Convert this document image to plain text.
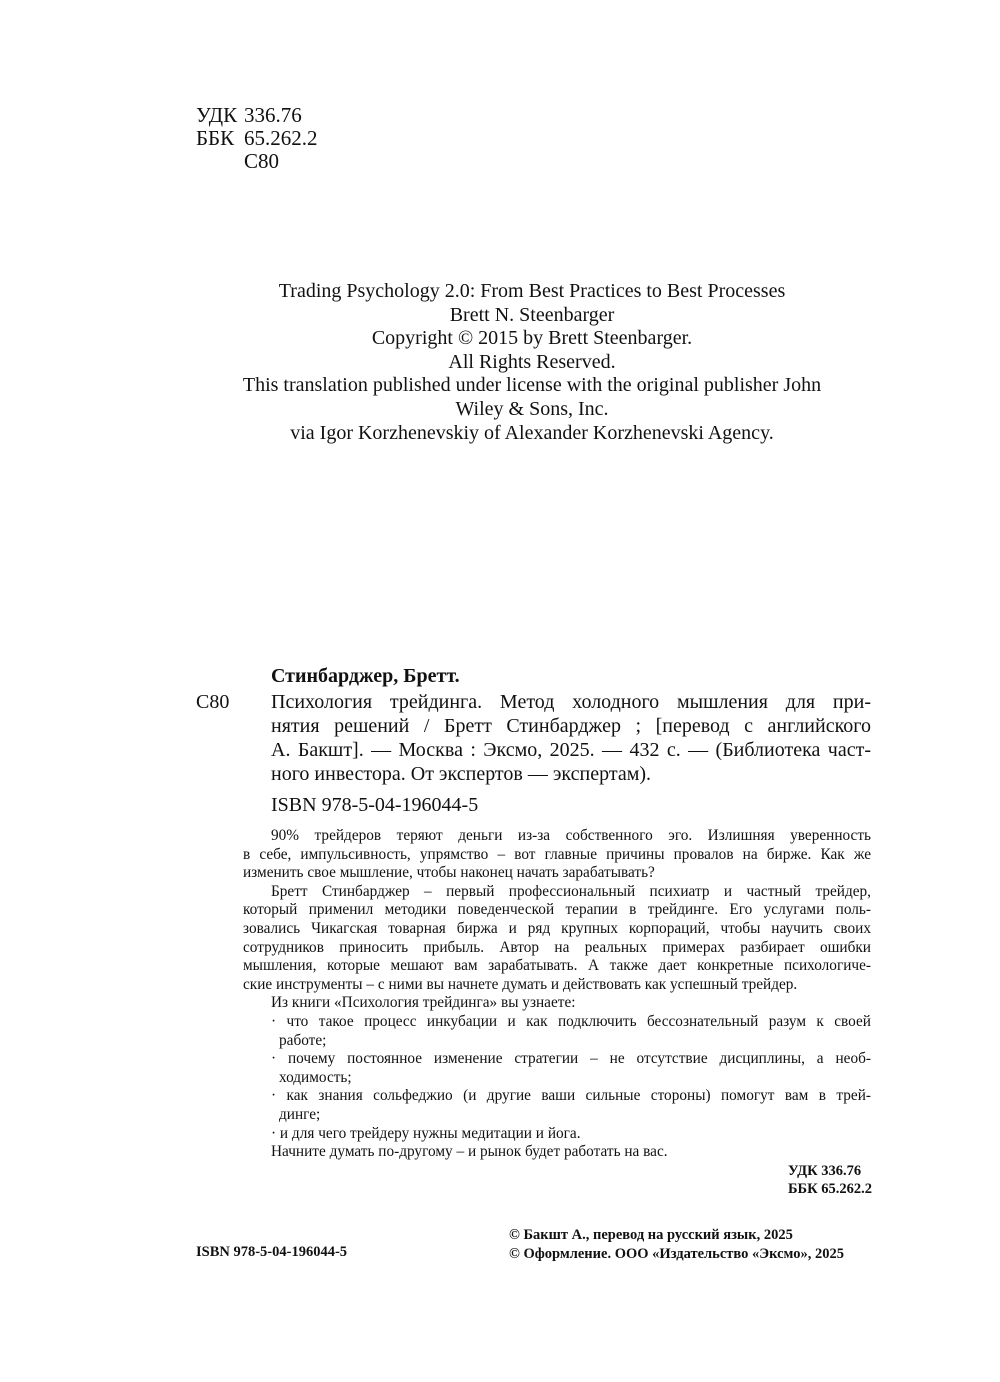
УДК 336.76
ББК 65.262.2
С80
Trading Psychology 2.0: From Best Practices to Best Processes
Brett N. Steenbarger
Copyright © 2015 by Brett Steenbarger.
All Rights Reserved.
This translation published under license with the original publisher John
Wiley & Sons, Inc.
via Igor Korzhenevskiy of Alexander Korzhenevski Agency.
Стинбарджер, Бретт.
С80 Психология трейдинга. Метод холодного мышления для при-
нятия решений / Бретт Стинбарджер ; [перевод с английского
А. Бакшт]. — Москва : Эксмо, 2025. — 432 с. — (Библиотека част-
ного инвестора. От экспертов — экспертам).
ISBN 978-5-04-196044-5
90% трейдеров теряют деньги из-за собственного эго. Излишняя уверенность
в себе, импульсивность, упрямство – вот главные причины провалов на бирже. Как же
изменить свое мышление, чтобы наконец начать зарабатывать?
Бретт Стинбарджер – первый профессиональный психиатр и частный трейдер,
который применил методики поведенческой терапии в трейдинге. Его услугами поль-
зовались Чикагская товарная биржа и ряд крупных корпораций, чтобы научить своих
сотрудников приносить прибыль. Автор на реальных примерах разбирает ошибки
мышления, которые мешают вам зарабатывать. А также дает конкретные психологиче-
ские инструменты – с ними вы начнете думать и действовать как успешный трейдер.
Из книги «Психология трейдинга» вы узнаете:
· что такое процесс инкубации и как подключить бессознательный разум к своей
работе;
· почему постоянное изменение стратегии – не отсутствие дисциплины, а необ-
ходимость;
· как знания сольфеджио (и другие ваши сильные стороны) помогут вам в трей-
динге;
· и для чего трейдеру нужны медитации и йога.
Начните думать по-другому – и рынок будет работать на вас.
УДК 336.76
ББК 65.262.2
ISBN 978-5-04-196044-5
© Бакшт А., перевод на русский язык, 2025
© Оформление. ООО «Издательство «Эксмо», 2025
